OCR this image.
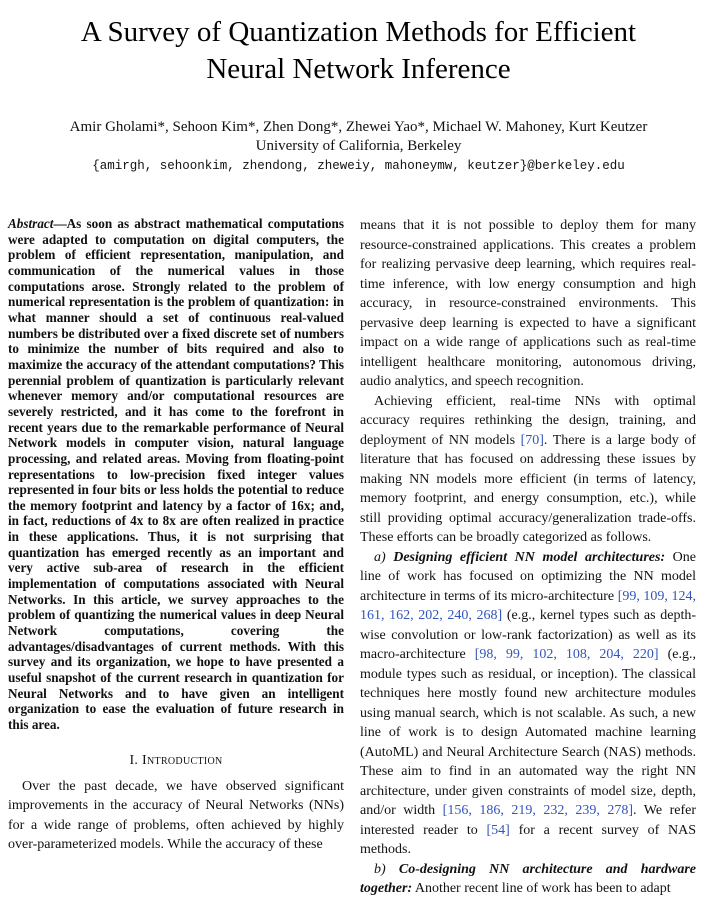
A Survey of Quantization Methods for Efficient
Neural Network Inference
Amir Gholami*, Sehoon Kim*, Zhen Dong*, Zhewei Yao*, Michael W. Mahoney, Kurt Keutzer
University of California, Berkeley
{amirgh, sehoonkim, zhendong, zheweiy, mahoneymw, keutzer}@berkeley.edu

Abstract—As soon as abstract mathematical computations were adapted to computation on digital computers, the problem of efficient representation, manipulation, and communication of the numerical values in those computations arose. Strongly related to the problem of numerical representation is the problem of quantization: in what manner should a set of continuous real-valued numbers be distributed over a fixed discrete set of numbers to minimize the number of bits required and also to maximize the accuracy of the attendant computations? This perennial problem of quantization is particularly relevant whenever memory and/or computational resources are severely restricted, and it has come to the forefront in recent years due to the remarkable performance of Neural Network models in computer vision, natural language processing, and related areas. Moving from floating-point representations to low-precision fixed integer values represented in four bits or less holds the potential to reduce the memory footprint and latency by a factor of 16x; and, in fact, reductions of 4x to 8x are often realized in practice in these applications. Thus, it is not surprising that quantization has emerged recently as an important and very active sub-area of research in the efficient implementation of computations associated with Neural Networks. In this article, we survey approaches to the problem of quantizing the numerical values in deep Neural Network computations, covering the advantages/disadvantages of current methods. With this survey and its organization, we hope to have presented a useful snapshot of the current research in quantization for Neural Networks and to have given an intelligent organization to ease the evaluation of future research in this area.

I. Introduction

Over the past decade, we have observed significant improvements in the accuracy of Neural Networks (NNs) for a wide range of problems, often achieved by highly over-parameterized models. While the accuracy of these

means that it is not possible to deploy them for many resource-constrained applications. This creates a problem for realizing pervasive deep learning, which requires real-time inference, with low energy consumption and high accuracy, in resource-constrained environments. This pervasive deep learning is expected to have a significant impact on a wide range of applications such as real-time intelligent healthcare monitoring, autonomous driving, audio analytics, and speech recognition.

Achieving efficient, real-time NNs with optimal accuracy requires rethinking the design, training, and deployment of NN models [70]. There is a large body of literature that has focused on addressing these issues by making NN models more efficient (in terms of latency, memory footprint, and energy consumption, etc.), while still providing optimal accuracy/generalization trade-offs. These efforts can be broadly categorized as follows.

a) Designing efficient NN model architectures: One line of work has focused on optimizing the NN model architecture in terms of its micro-architecture [99, 109, 124, 161, 162, 202, 240, 268] (e.g., kernel types such as depth-wise convolution or low-rank factorization) as well as its macro-architecture [98, 99, 102, 108, 204, 220] (e.g., module types such as residual, or inception). The classical techniques here mostly found new architecture modules using manual search, which is not scalable. As such, a new line of work is to design Automated machine learning (AutoML) and Neural Architecture Search (NAS) methods. These aim to find in an automated way the right NN architecture, under given constraints of model size, depth, and/or width [156, 186, 219, 232, 239, 278]. We refer interested reader to [54] for a recent survey of NAS methods.

b) Co-designing NN architecture and hardware together: Another recent line of work has been to adapt
